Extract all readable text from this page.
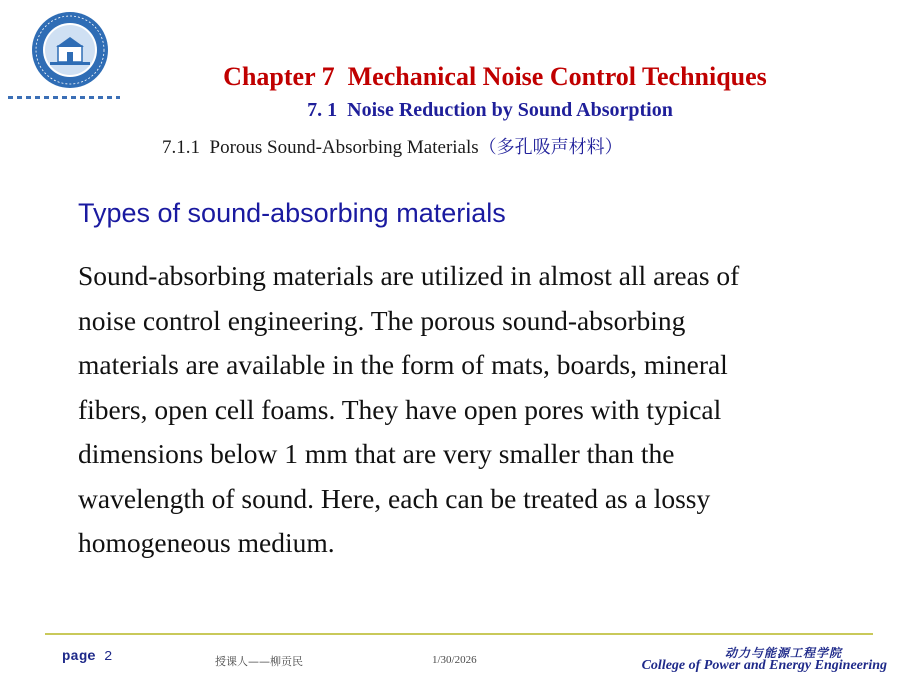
Chapter 7  Mechanical Noise Control Techniques
7. 1  Noise Reduction by Sound Absorption
7.1.1  Porous Sound-Absorbing Materials（多孔吸声材料）
Types of sound-absorbing materials
Sound-absorbing materials are utilized in almost all areas of
noise control engineering. The porous sound-absorbing
materials are available in the form of mats, boards, mineral
fibers, open cell foams. They have open pores with typical
dimensions below 1 mm that are very smaller than the
wavelength of sound. Here, each can be treated as a lossy
homogeneous medium.
page 2	授课人——柳贡民	1/30/2026	动力与能源工程学院
College of Power and Energy Engineering
